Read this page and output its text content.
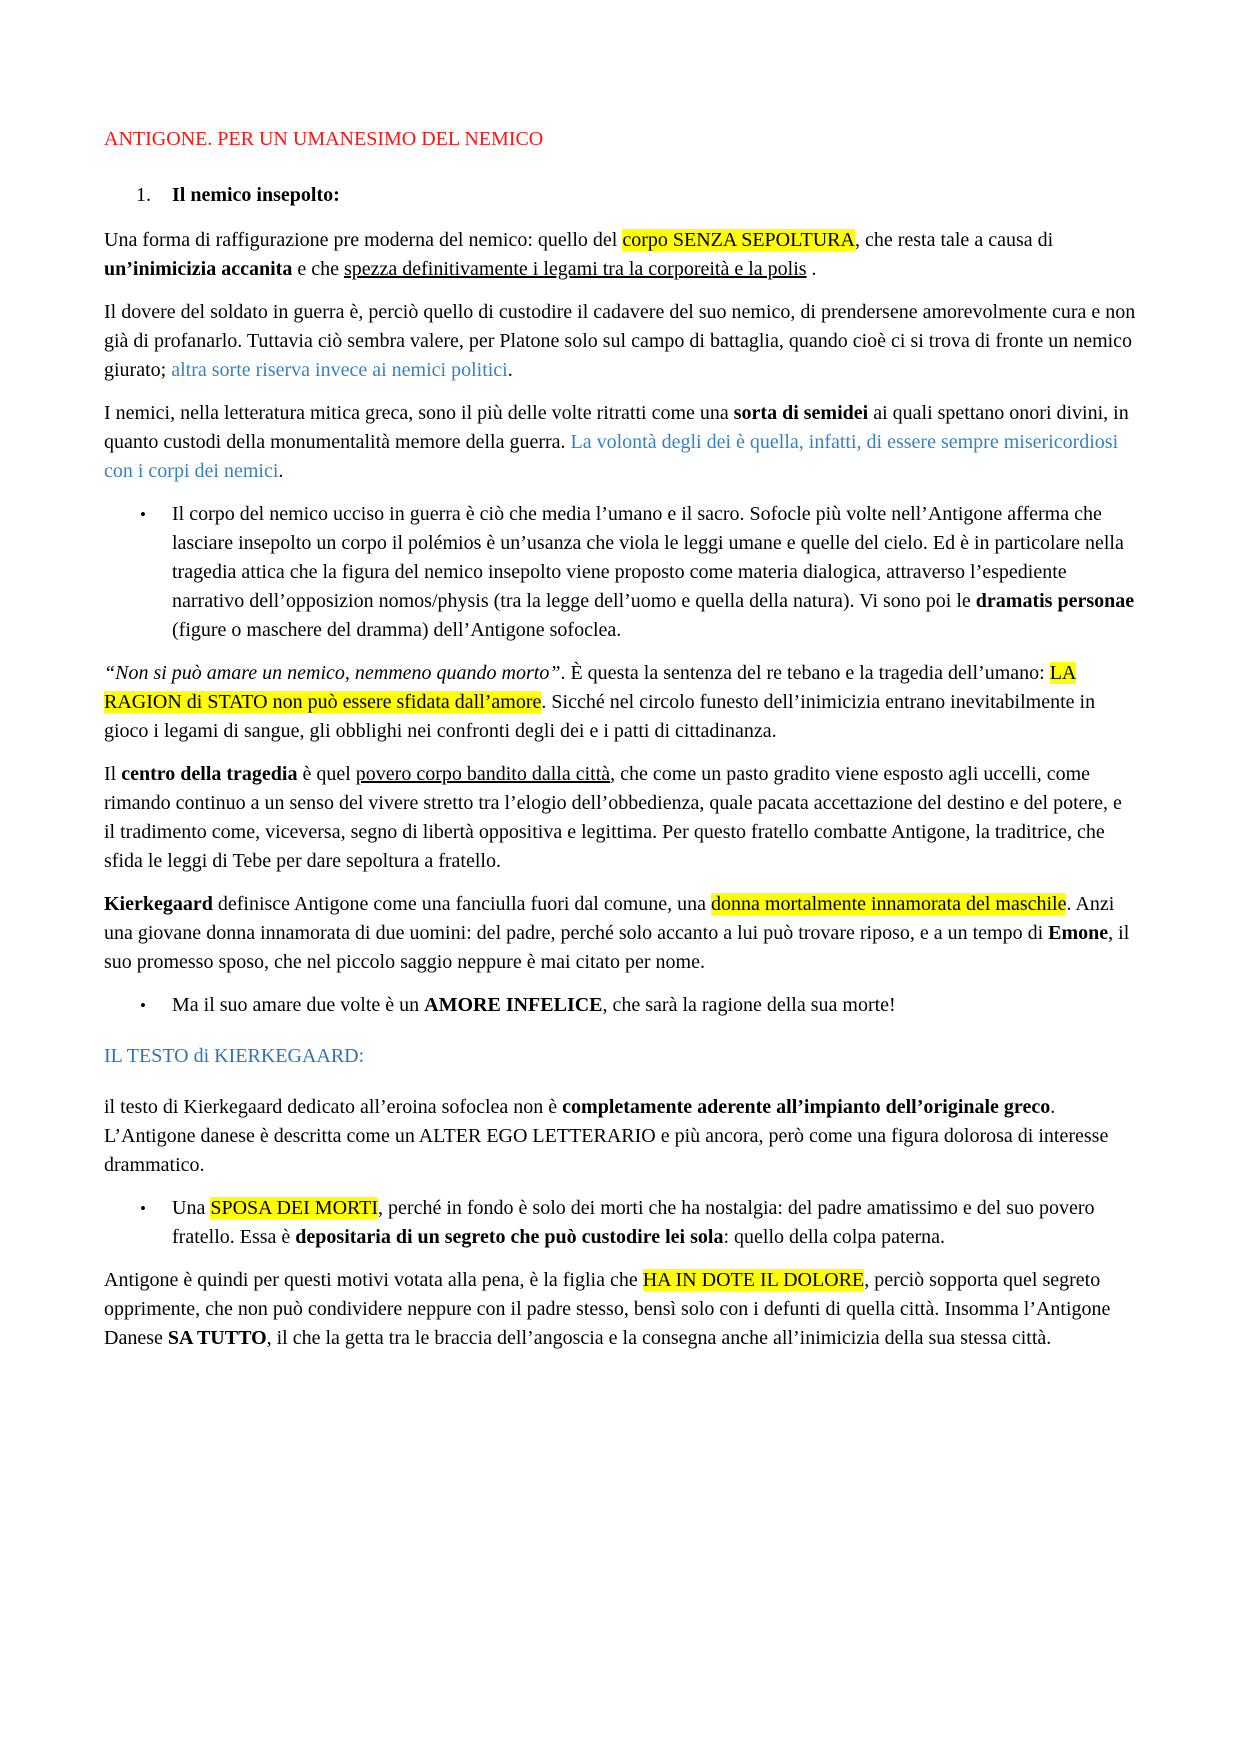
ANTIGONE. PER UN UMANESIMO DEL NEMICO
1. Il nemico insepolto:

Una forma di raffigurazione pre moderna del nemico: quello del corpo SENZA SEPOLTURA, che resta tale a causa di un’inimicizia accanita e che spezza definitivamente i legami tra la corporeità e la polis .

Il dovere del soldato in guerra è, perciò quello di custodire il cadavere del suo nemico, di prendersene amorevolmente cura e non già di profanarlo. Tuttavia ciò sembra valere, per Platone solo sul campo di battaglia, quando cioè ci si trova di fronte un nemico giurato; altra sorte riserva invece ai nemici politici.

I nemici, nella letteratura mitica greca, sono il più delle volte ritratti come una sorta di semidei ai quali spettano onori divini, in quanto custodi della monumentalità memore della guerra. La volontà degli dei è quella, infatti, di essere sempre misericordiosi con i corpi dei nemici.

•	Il corpo del nemico ucciso in guerra è ciò che media l’umano e il sacro. Sofocle più volte nell’Antigone afferma che lasciare insepolto un corpo il polémios è un’usanza che viola le leggi umane e quelle del cielo. Ed è in particolare nella tragedia attica che la figura del nemico insepolto viene proposto come materia dialogica, attraverso l’espediente narrativo dell’opposizion nomos/physis (tra la legge dell’uomo e quella della natura). Vi sono poi le dramatis personae (figure o maschere del dramma) dell’Antigone sofoclea.

“Non si può amare un nemico, nemmeno quando morto”. È questa la sentenza del re tebano e la tragedia dell’umano: LA RAGION di STATO non può essere sfidata dall’amore. Sicché nel circolo funesto dell’inimicizia entrano inevitabilmente in gioco i legami di sangue, gli obblighi nei confronti degli dei e i patti di cittadinanza.

Il centro della tragedia è quel povero corpo bandito dalla città, che come un pasto gradito viene esposto agli uccelli, come rimando continuo a un senso del vivere stretto tra l’elogio dell’obbedienza, quale pacata accettazione del destino e del potere, e il tradimento come, viceversa, segno di libertà oppositiva e legittima. Per questo fratello combatte Antigone, la traditrice, che sfida le leggi di Tebe per dare sepoltura a fratello.

Kierkegaard definisce Antigone come una fanciulla fuori dal comune, una donna mortalmente innamorata del maschile. Anzi una giovane donna innamorata di due uomini: del padre, perché solo accanto a lui può trovare riposo, e a un tempo di Emone, il suo promesso sposo, che nel piccolo saggio neppure è mai citato per nome.

•	Ma il suo amare due volte è un AMORE INFELICE, che sarà la ragione della sua morte!
IL TESTO di KIERKEGAARD:

il testo di Kierkegaard dedicato all’eroina sofoclea non è completamente aderente all’impianto dell’originale greco. L’Antigone danese è descritta come un ALTER EGO LETTERARIO e più ancora, però come una figura dolorosa di interesse drammatico.

•	Una SPOSA DEI MORTI, perché in fondo è solo dei morti che ha nostalgia: del padre amatissimo e del suo povero fratello. Essa è depositaria di un segreto che può custodire lei sola: quello della colpa paterna.

Antigone è quindi per questi motivi votata alla pena, è la figlia che HA IN DOTE IL DOLORE, perciò sopporta quel segreto opprimente, che non può condividere neppure con il padre stesso, bensì solo con i defunti di quella città. Insomma l’Antigone Danese SA TUTTO, il che la getta tra le braccia dell’angoscia e la consegna anche all’inimicizia della sua stessa città.
